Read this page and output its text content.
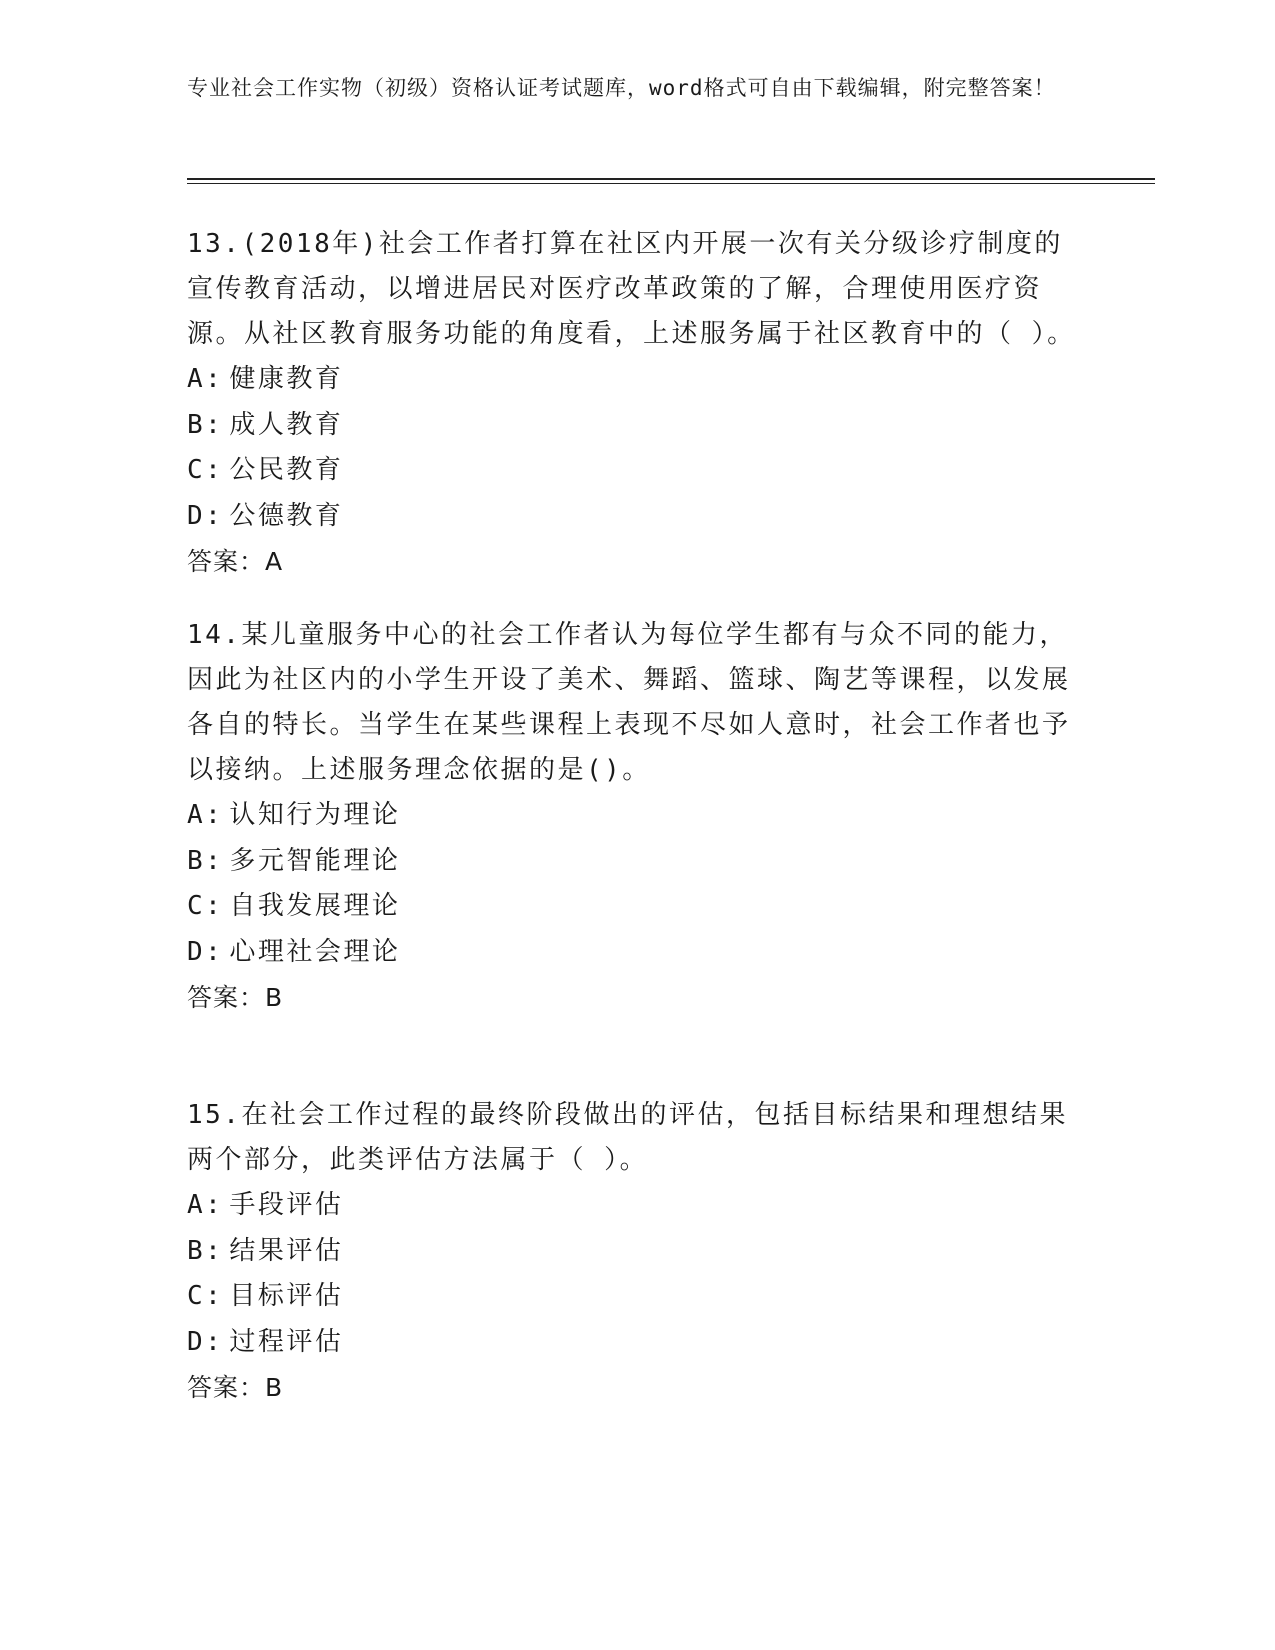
专业社会工作实物（初级）资格认证考试题库，word格式可自由下载编辑，附完整答案！

13.(2018年)社会工作者打算在社区内开展一次有关分级诊疗制度的宣传教育活动，以增进居民对医疗改革政策的了解，合理使用医疗资源。从社区教育服务功能的角度看，上述服务属于社区教育中的（ ）。

A: 健康教育

B: 成人教育

C: 公民教育

D: 公德教育

答案：A

14.某儿童服务中心的社会工作者认为每位学生都有与众不同的能力，因此为社区内的小学生开设了美术、舞蹈、篮球、陶艺等课程，以发展各自的特长。当学生在某些课程上表现不尽如人意时，社会工作者也予以接纳。上述服务理念依据的是()。

A: 认知行为理论

B: 多元智能理论

C: 自我发展理论

D: 心理社会理论

答案：B

15.在社会工作过程的最终阶段做出的评估，包括目标结果和理想结果两个部分，此类评估方法属于（ ）。

A: 手段评估

B: 结果评估

C: 目标评估

D: 过程评估

答案：B
